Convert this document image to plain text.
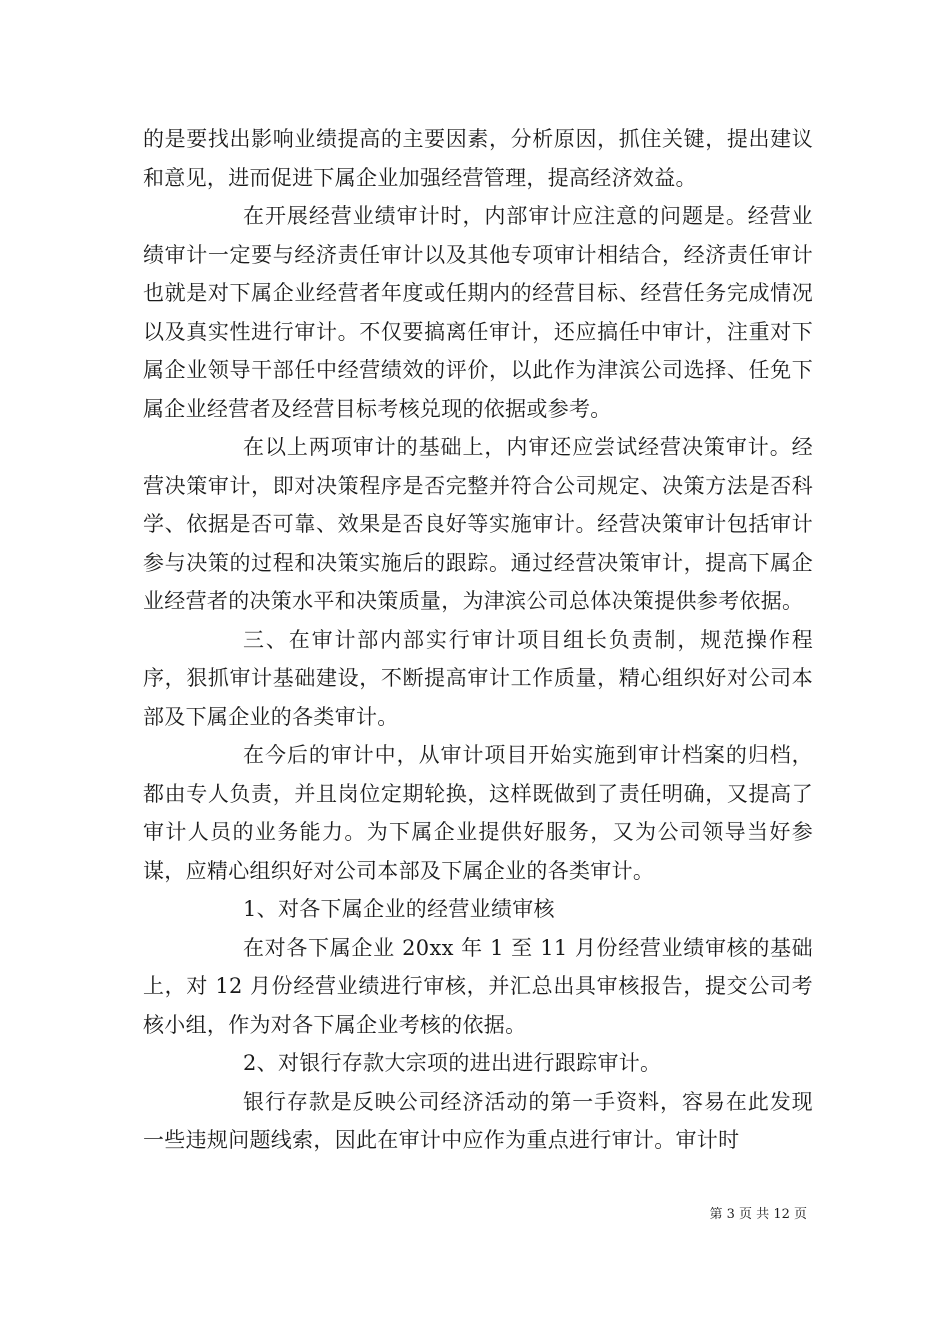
的是要找出影响业绩提高的主要因素，分析原因，抓住关键，提出建议和意见，进而促进下属企业加强经营管理，提高经济效益。

在开展经营业绩审计时，内部审计应注意的问题是。经营业绩审计一定要与经济责任审计以及其他专项审计相结合，经济责任审计也就是对下属企业经营者年度或任期内的经营目标、经营任务完成情况以及真实性进行审计。不仅要搞离任审计，还应搞任中审计，注重对下属企业领导干部任中经营绩效的评价，以此作为津滨公司选择、任免下属企业经营者及经营目标考核兑现的依据或参考。

在以上两项审计的基础上，内审还应尝试经营决策审计。经营决策审计，即对决策程序是否完整并符合公司规定、决策方法是否科学、依据是否可靠、效果是否良好等实施审计。经营决策审计包括审计参与决策的过程和决策实施后的跟踪。通过经营决策审计，提高下属企业经营者的决策水平和决策质量，为津滨公司总体决策提供参考依据。

三、在审计部内部实行审计项目组长负责制，规范操作程序，狠抓审计基础建设，不断提高审计工作质量，精心组织好对公司本部及下属企业的各类审计。

在今后的审计中，从审计项目开始实施到审计档案的归档，都由专人负责，并且岗位定期轮换，这样既做到了责任明确，又提高了审计人员的业务能力。为下属企业提供好服务，又为公司领导当好参谋，应精心组织好对公司本部及下属企业的各类审计。

1、对各下属企业的经营业绩审核

在对各下属企业 20xx 年 1 至 11 月份经营业绩审核的基础上，对 12 月份经营业绩进行审核，并汇总出具审核报告，提交公司考核小组，作为对各下属企业考核的依据。

2、对银行存款大宗项的进出进行跟踪审计。

银行存款是反映公司经济活动的第一手资料，容易在此发现一些违规问题线索，因此在审计中应作为重点进行审计。审计时

第 3 页 共 12 页
